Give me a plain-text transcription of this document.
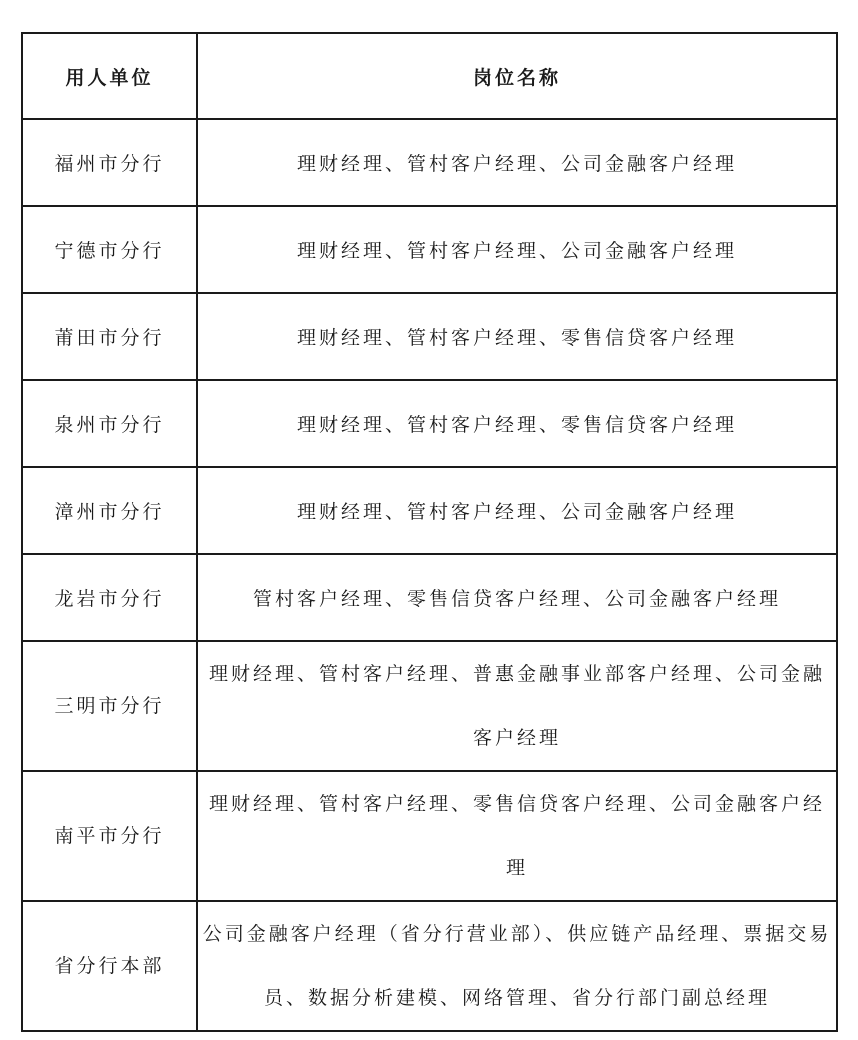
用人单位	岗位名称
福州市分行	理财经理、管村客户经理、公司金融客户经理
宁德市分行	理财经理、管村客户经理、公司金融客户经理
莆田市分行	理财经理、管村客户经理、零售信贷客户经理
泉州市分行	理财经理、管村客户经理、零售信贷客户经理
漳州市分行	理财经理、管村客户经理、公司金融客户经理
龙岩市分行	管村客户经理、零售信贷客户经理、公司金融客户经理
三明市分行	理财经理、管村客户经理、普惠金融事业部客户经理、公司金融客户经理
南平市分行	理财经理、管村客户经理、零售信贷客户经理、公司金融客户经理
省分行本部	公司金融客户经理（省分行营业部）、供应链产品经理、票据交易员、数据分析建模、网络管理、省分行部门副总经理
